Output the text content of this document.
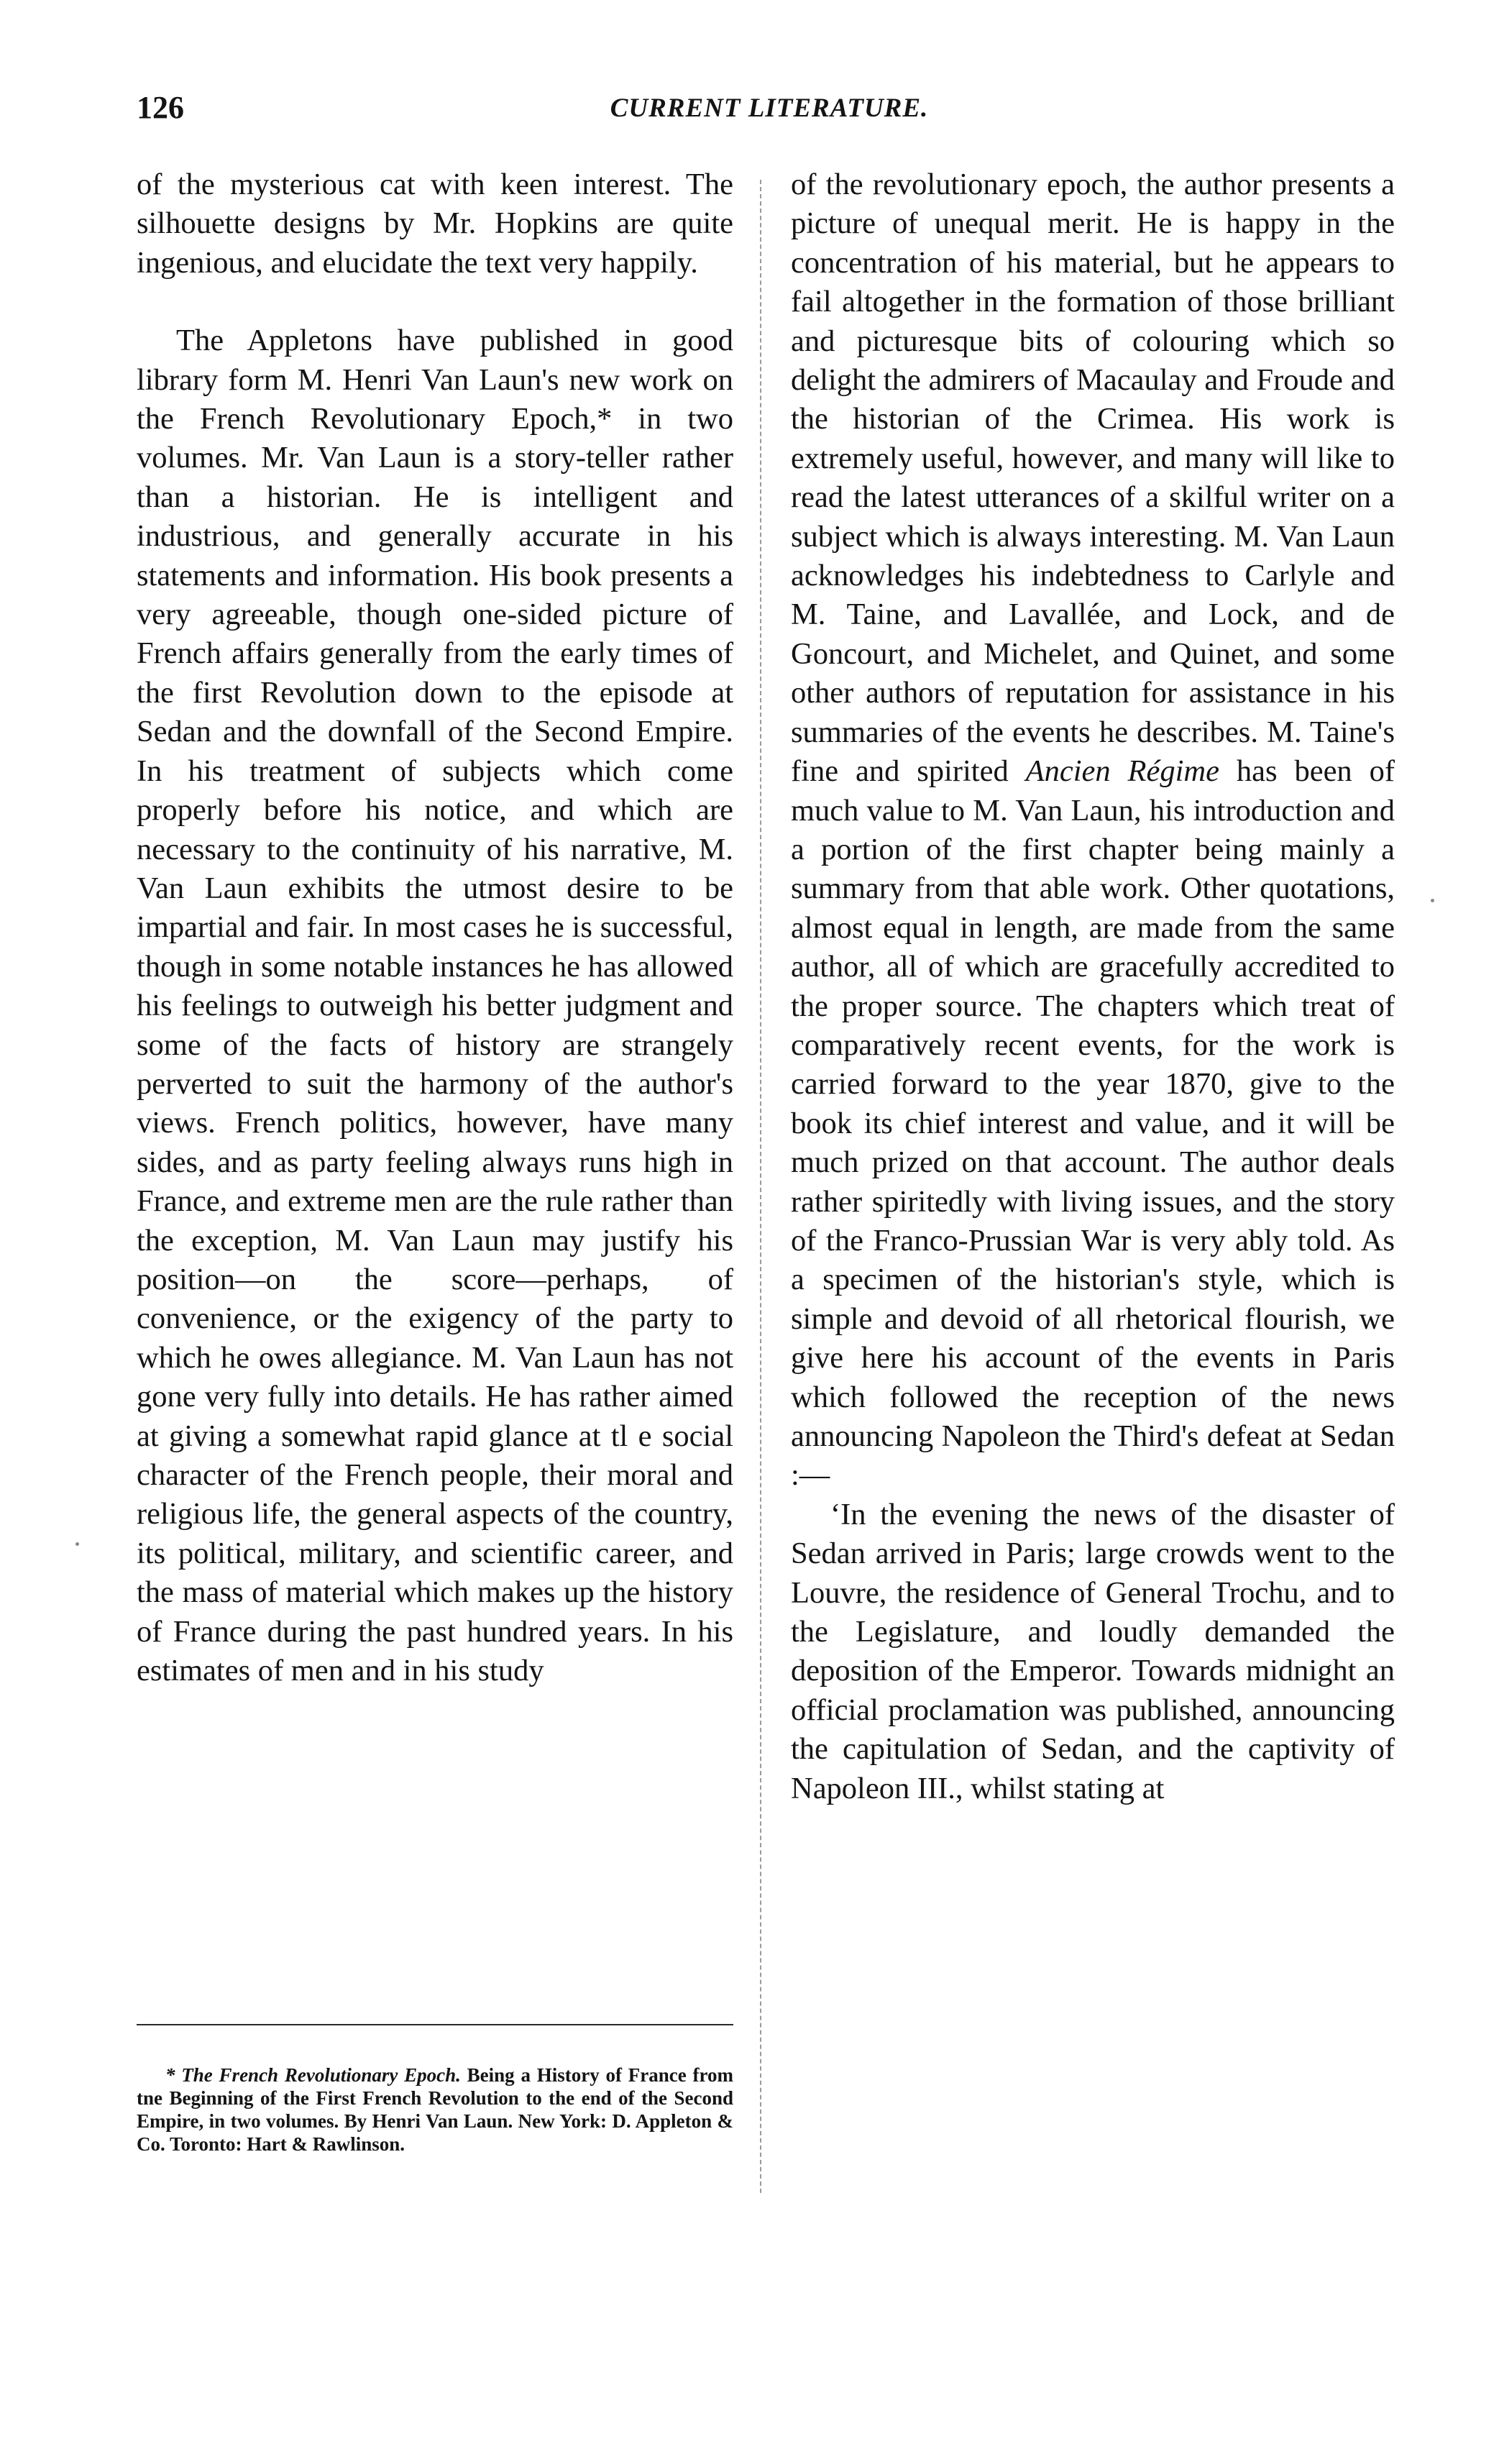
126	CURRENT LITERATURE.

of the mysterious cat with keen interest. The silhouette designs by Mr. Hopkins are quite ingenious, and elucidate the text very happily.

The Appletons have published in good library form M. Henri Van Laun's new work on the French Revolutionary Epoch,* in two volumes. Mr. Van Laun is a story-teller rather than a historian. He is intelligent and industrious, and generally accurate in his statements and information. His book presents a very agreeable, though one-sided picture of French affairs generally from the early times of the first Revolution down to the episode at Sedan and the downfall of the Second Empire. In his treatment of subjects which come properly before his notice, and which are necessary to the continuity of his narrative, M. Van Laun exhibits the utmost desire to be impartial and fair. In most cases he is successful, though in some notable instances he has allowed his feelings to outweigh his better judgment and some of the facts of history are strangely perverted to suit the harmony of the author's views. French politics, however, have many sides, and as party feeling always runs high in France, and extreme men are the rule rather than the exception, M. Van Laun may justify his position—on the score—perhaps, of convenience, or the exigency of the party to which he owes allegiance. M. Van Laun has not gone very fully into details. He has rather aimed at giving a somewhat rapid glance at tl e social character of the French people, their moral and religious life, the general aspects of the country, its political, military, and scientific career, and the mass of material which makes up the history of France during the past hundred years. In his estimates of men and in his study

* The French Revolutionary Epoch. Being a History of France from tne Beginning of the First French Revolution to the end of the Second Empire, in two volumes. By Henri Van Laun. New York: D. Appleton & Co. Toronto: Hart & Rawlinson.

of the revolutionary epoch, the author presents a picture of unequal merit. He is happy in the concentration of his material, but he appears to fail altogether in the formation of those brilliant and picturesque bits of colouring which so delight the admirers of Macaulay and Froude and the historian of the Crimea. His work is extremely useful, however, and many will like to read the latest utterances of a skilful writer on a subject which is always interesting. M. Van Laun acknowledges his indebtedness to Carlyle and M. Taine, and Lavallée, and Lock, and de Goncourt, and Michelet, and Quinet, and some other authors of reputation for assistance in his summaries of the events he describes. M. Taine's fine and spirited Ancien Régime has been of much value to M. Van Laun, his introduction and a portion of the first chapter being mainly a summary from that able work. Other quotations, almost equal in length, are made from the same author, all of which are gracefully accredited to the proper source. The chapters which treat of comparatively recent events, for the work is carried forward to the year 1870, give to the book its chief interest and value, and it will be much prized on that account. The author deals rather spiritedly with living issues, and the story of the Franco-Prussian War is very ably told. As a specimen of the historian's style, which is simple and devoid of all rhetorical flourish, we give here his account of the events in Paris which followed the reception of the news announcing Napoleon the Third's defeat at Sedan :—

‘In the evening the news of the disaster of Sedan arrived in Paris; large crowds went to the Louvre, the residence of General Trochu, and to the Legislature, and loudly demanded the deposition of the Emperor. Towards midnight an official proclamation was published, announcing the capitulation of Sedan, and the captivity of Napoleon III., whilst stating at
